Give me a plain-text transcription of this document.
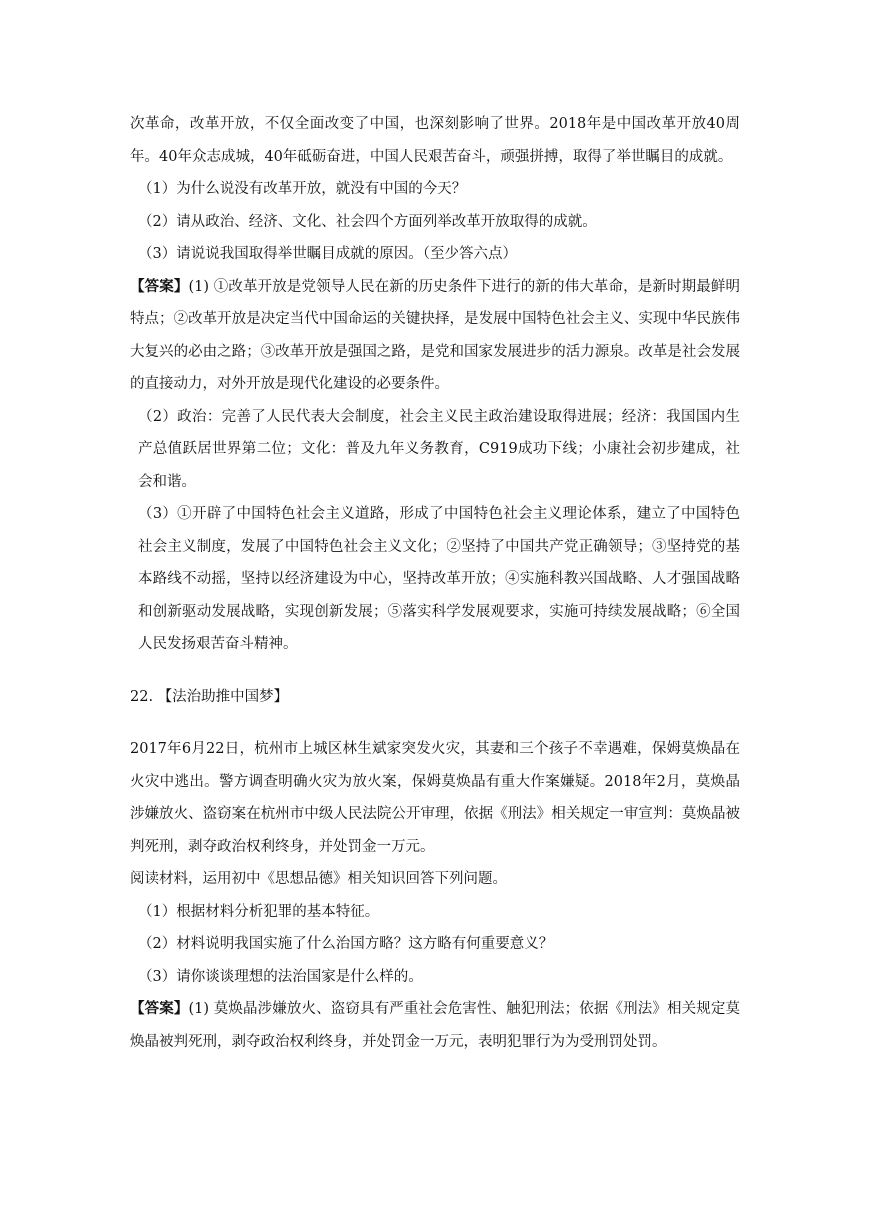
次革命，改革开放，不仅全面改变了中国，也深刻影响了世界。2018年是中国改革开放40周年。40年众志成城，40年砥砺奋进，中国人民艰苦奋斗，顽强拼搏，取得了举世瞩目的成就。

（1）为什么说没有改革开放，就没有中国的今天？

（2）请从政治、经济、文化、社会四个方面列举改革开放取得的成就。

（3）请说说我国取得举世瞩目成就的原因。（至少答六点）

【答案】(1) ①改革开放是党领导人民在新的历史条件下进行的新的伟大革命，是新时期最鲜明特点；②改革开放是决定当代中国命运的关键抉择，是发展中国特色社会主义、实现中华民族伟大复兴的必由之路；③改革开放是强国之路，是党和国家发展进步的活力源泉。改革是社会发展的直接动力，对外开放是现代化建设的必要条件。

（2）政治：完善了人民代表大会制度，社会主义民主政治建设取得进展；经济：我国国内生产总值跃居世界第二位；文化：普及九年义务教育，C919成功下线；小康社会初步建成，社会和谐。

（3）①开辟了中国特色社会主义道路，形成了中国特色社会主义理论体系，建立了中国特色社会主义制度，发展了中国特色社会主义文化；②坚持了中国共产党正确领导；③坚持党的基本路线不动摇，坚持以经济建设为中心，坚持改革开放；④实施科教兴国战略、人才强国战略和创新驱动发展战略，实现创新发展；⑤落实科学发展观要求，实施可持续发展战略；⑥全国人民发扬艰苦奋斗精神。

22. 【法治助推中国梦】

2017年6月22日，杭州市上城区林生斌家突发火灾，其妻和三个孩子不幸遇难，保姆莫焕晶在火灾中逃出。警方调查明确火灾为放火案，保姆莫焕晶有重大作案嫌疑。2018年2月，莫焕晶涉嫌放火、盗窃案在杭州市中级人民法院公开审理，依据《刑法》相关规定一审宣判：莫焕晶被判死刑，剥夺政治权利终身，并处罚金一万元。

阅读材料，运用初中《思想品德》相关知识回答下列问题。

（1）根据材料分析犯罪的基本特征。

（2）材料说明我国实施了什么治国方略？这方略有何重要意义？

（3）请你谈谈理想的法治国家是什么样的。

【答案】(1) 莫焕晶涉嫌放火、盗窃具有严重社会危害性、触犯刑法；依据《刑法》相关规定莫焕晶被判死刑，剥夺政治权利终身，并处罚金一万元，表明犯罪行为为受刑罚处罚。
